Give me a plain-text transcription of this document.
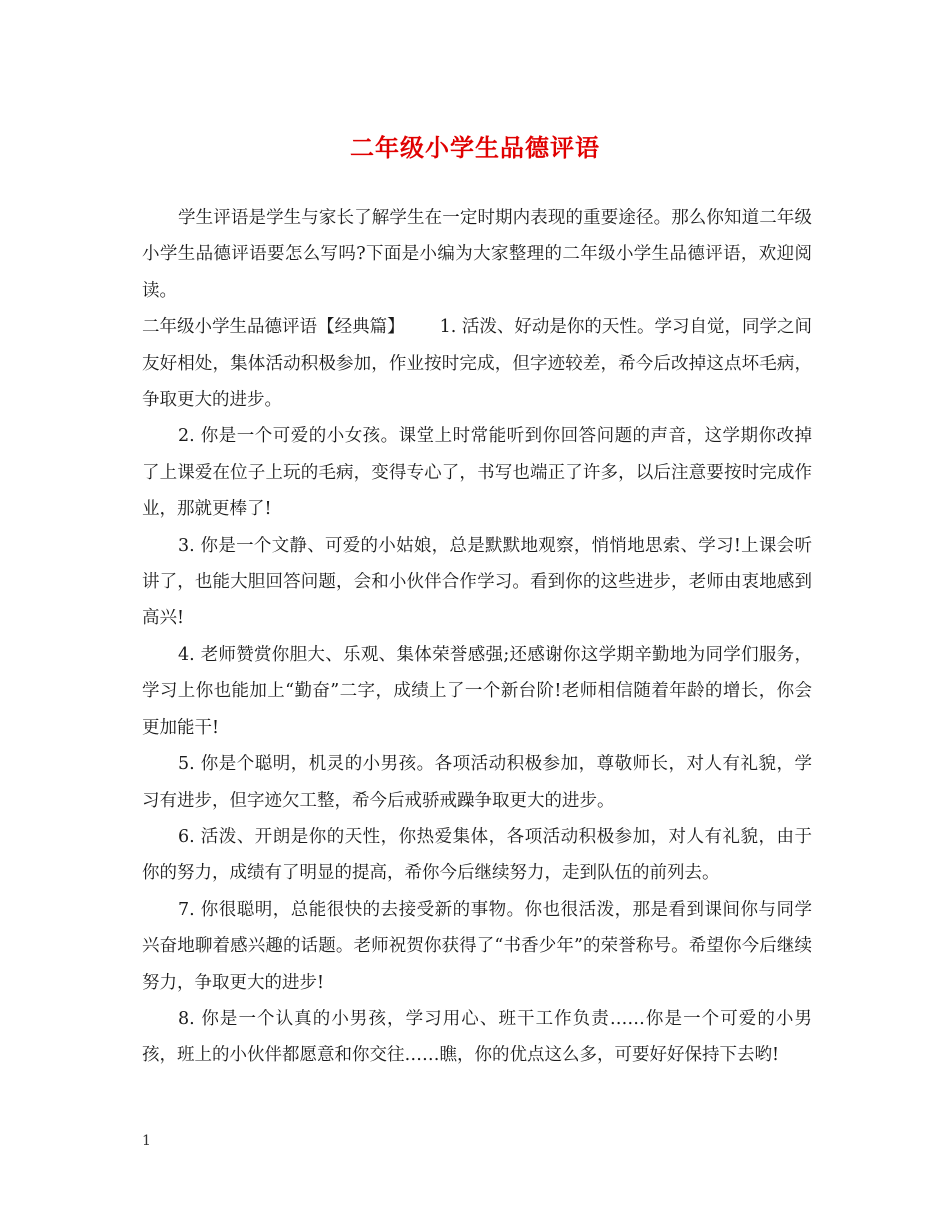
二年级小学生品德评语

学生评语是学生与家长了解学生在一定时期内表现的重要途径。那么你知道二年级小学生品德评语要怎么写吗?下面是小编为大家整理的二年级小学生品德评语，欢迎阅读。

二年级小学生品德评语【经典篇】   1. 活泼、好动是你的天性。学习自觉，同学之间友好相处，集体活动积极参加，作业按时完成，但字迹较差，希今后改掉这点坏毛病，争取更大的进步。

2. 你是一个可爱的小女孩。课堂上时常能听到你回答问题的声音，这学期你改掉了上课爱在位子上玩的毛病，变得专心了，书写也端正了许多，以后注意要按时完成作业，那就更棒了!

3. 你是一个文静、可爱的小姑娘，总是默默地观察，悄悄地思索、学习!上课会听讲了，也能大胆回答问题，会和小伙伴合作学习。看到你的这些进步，老师由衷地感到高兴!

4. 老师赞赏你胆大、乐观、集体荣誉感强;还感谢你这学期辛勤地为同学们服务，学习上你也能加上“勤奋”二字，成绩上了一个新台阶!老师相信随着年龄的增长，你会更加能干!

5. 你是个聪明，机灵的小男孩。各项活动积极参加，尊敬师长，对人有礼貌，学习有进步，但字迹欠工整，希今后戒骄戒躁争取更大的进步。

6. 活泼、开朗是你的天性，你热爱集体，各项活动积极参加，对人有礼貌，由于你的努力，成绩有了明显的提高，希你今后继续努力，走到队伍的前列去。

7. 你很聪明，总能很快的去接受新的事物。你也很活泼，那是看到课间你与同学兴奋地聊着感兴趣的话题。老师祝贺你获得了“书香少年”的荣誉称号。希望你今后继续努力，争取更大的进步!

8. 你是一个认真的小男孩，学习用心、班干工作负责……你是一个可爱的小男孩，班上的小伙伴都愿意和你交往……瞧，你的优点这么多，可要好好保持下去哟!

1
